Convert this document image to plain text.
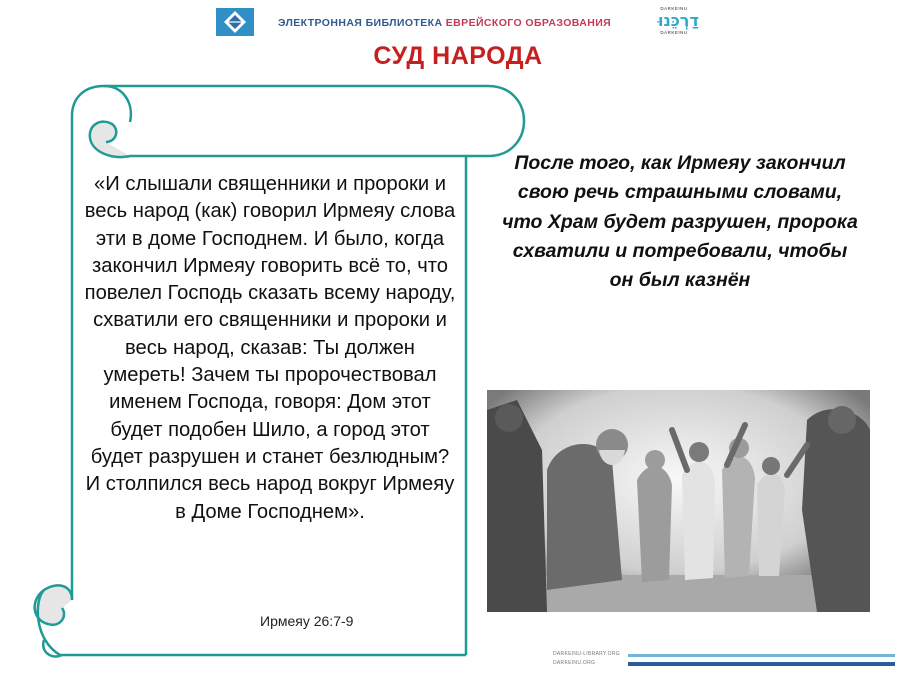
ЭЛЕКТРОННАЯ БИБЛИОТЕКА ЕВРЕЙСКОГО ОБРАЗОВАНИЯ
DARKEINU
דַרְכֵּנוּ
DARKEINU
СУД НАРОДА
«И слышали священники и пророки и весь народ (как) говорил Ирмеяу слова эти в доме Господнем. И было, когда закончил Ирмеяу говорить всё то, что повелел Господь сказать всему народу, схватили его священники и пророки и весь народ, сказав: Ты должен умереть! Зачем ты пророчествовал именем Господа, говоря: Дом этот будет подобен Шило, а город этот будет разрушен и станет безлюдным? И столпился весь народ вокруг Ирмеяу в Доме Господнем».
Ирмеяу 26:7-9
После того, как Ирмеяу закончил свою речь страшными словами, что Храм будет разрушен, пророка схватили и потребовали, чтобы он был казнён
DARKEINU-LIBRARY.ORG
DARKEINU.ORG
